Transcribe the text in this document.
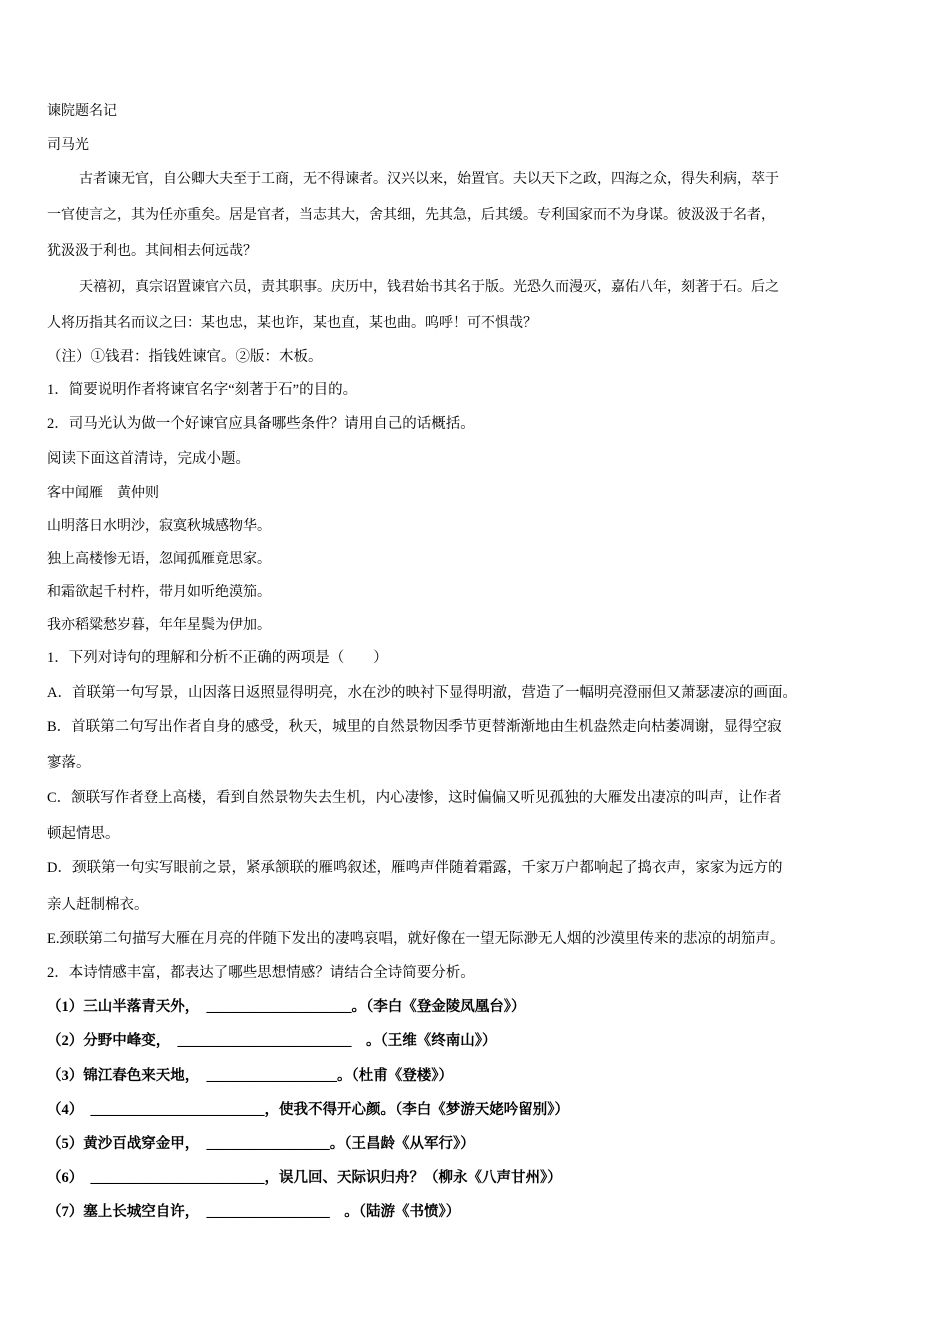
谏院题名记
司马光
古者谏无官，自公卿大夫至于工商，无不得谏者。汉兴以来，始置官。夫以天下之政，四海之众，得失利病，萃于
一官使言之，其为任亦重矣。居是官者，当志其大，舍其细，先其急，后其缓。专利国家而不为身谋。彼汲汲于名者，
犹汲汲于利也。其间相去何远哉？
天禧初，真宗诏置谏官六员，责其职事。庆历中，钱君始书其名于版。光恐久而漫灭，嘉佑八年，刻著于石。后之
人将历指其名而议之曰：某也忠，某也诈，某也直，某也曲。呜呼！可不惧哉？
（注）①钱君：指钱姓谏官。②版：木板。
1．简要说明作者将谏官名字“刻著于石”的目的。
2．司马光认为做一个好谏官应具备哪些条件？请用自己的话概括。
阅读下面这首清诗，完成小题。
客中闻雁　黄仲则
山明落日水明沙，寂寞秋城感物华。
独上高楼惨无语，忽闻孤雁竟思家。
和霜欲起千村杵，带月如听绝漠笳。
我亦稻粱愁岁暮，年年星鬓为伊加。
1．下列对诗句的理解和分析不正确的两项是（　　）
A．首联第一句写景，山因落日返照显得明亮，水在沙的映衬下显得明澈，营造了一幅明亮澄丽但又萧瑟凄凉的画面。
B．首联第二句写出作者自身的感受，秋天，城里的自然景物因季节更替渐渐地由生机盎然走向枯萎凋谢，显得空寂
寥落。
C．颔联写作者登上高楼，看到自然景物失去生机，内心凄惨，这时偏偏又听见孤独的大雁发出凄凉的叫声，让作者
顿起情思。
D．颈联第一句实写眼前之景，紧承颔联的雁鸣叙述，雁鸣声伴随着霜露，千家万户都响起了捣衣声，家家为远方的
亲人赶制棉衣。
E.颈联第二句描写大雁在月亮的伴随下发出的凄鸣哀唱，就好像在一望无际渺无人烟的沙漠里传来的悲凉的胡笳声。
2．本诗情感丰富，都表达了哪些思想情感？请结合全诗简要分析。
（1）三山半落青天外，　____________________。（李白《登金陵凤凰台》）
（2）分野中峰变，　________________________　。（王维《终南山》）
（3）锦江春色来天地，　__________________。（杜甫《登楼》）
（4）　________________________，使我不得开心颜。（李白《梦游天姥吟留别》）
（5）黄沙百战穿金甲，　_________________。（王昌龄《从军行》）
（6）　________________________，误几回、天际识归舟？（柳永《八声甘州》）
（7）塞上长城空自许，　_________________　。（陆游《书愤》）
